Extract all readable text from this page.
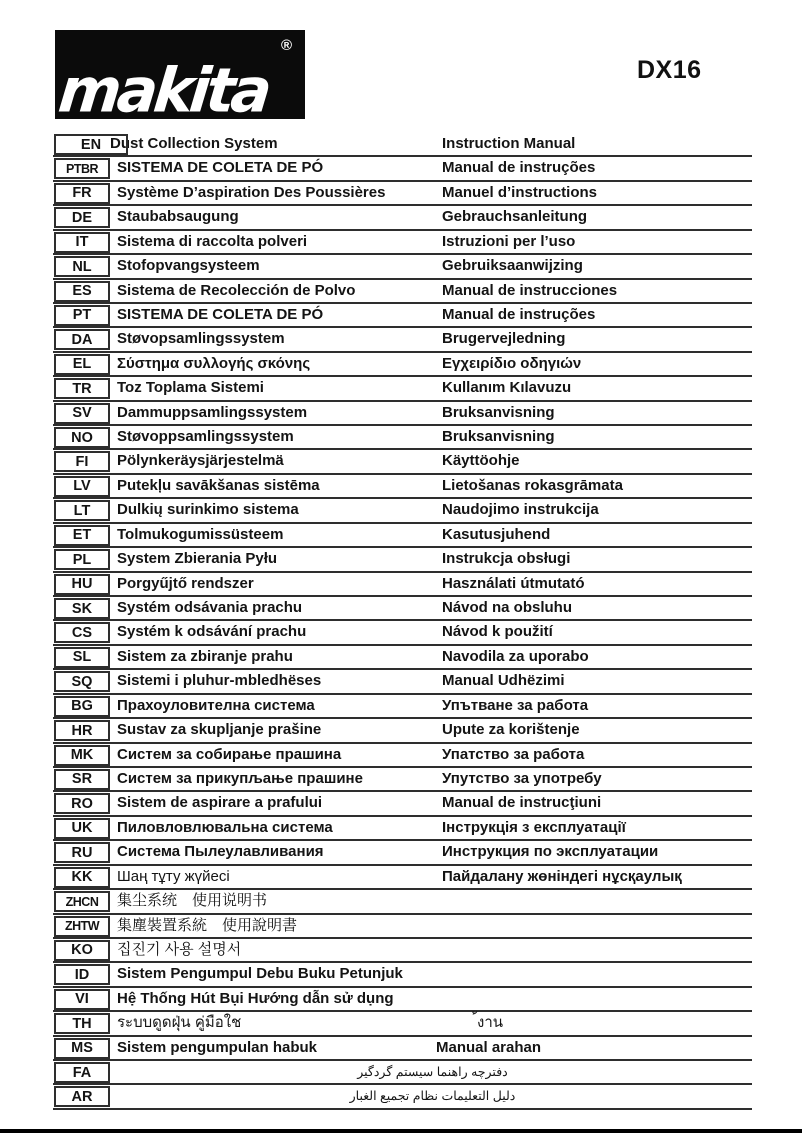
makita
®
DX16
EN Dust Collection System	Instruction Manual
PTBR	SISTEMA DE COLETA DE PÓ	Manual de instruções
FR	Système D’aspiration Des Poussières	Manuel d’instructions
DE	Staubabsaugung	Gebrauchsanleitung
IT	Sistema di raccolta polveri	Istruzioni per l’uso
NL	Stofopvangsysteem	Gebruiksaanwijzing
ES	Sistema de Recolección de Polvo	Manual de instrucciones
PT	SISTEMA DE COLETA DE PÓ	Manual de instruções
DA	Støvopsamlingssystem	Brugervejledning
EL	Σύστημα συλλογής σκόνης	Εγχειρίδιο οδηγιών
TR	Toz Toplama Sistemi	Kullanım Kılavuzu
SV	Dammuppsamlingssystem	Bruksanvisning
NO	Støvoppsamlingssystem	Bruksanvisning
FI	Pölynkeräysjärjestelmä	Käyttöohje
LV	Putekļu savākšanas sistēma	Lietošanas rokasgrāmata
LT	Dulkių surinkimo sistema	Naudojimo instrukcija
ET	Tolmukogumissüsteem	Kasutusjuhend
PL	System Zbierania Pyłu	Instrukcja obsługi
HU	Porgyűjtő rendszer	Használati útmutató
SK	Systém odsávania prachu	Návod na obsluhu
CS	Systém k odsávání prachu	Návod k použití
SL	Sistem za zbiranje prahu	Navodila za uporabo
SQ	Sistemi i pluhur-mbledhëses	Manual Udhëzimi
BG	Прахоуловителна система	Упътване за работа
HR	Sustav za skupljanje prašine	Upute za korištenje
MK	Систем за собирање прашина	Упатство за работа
SR	Систем за прикупљање прашине	Упутство за употребу
RO	Sistem de aspirare a prafului	Manual de instrucţiuni
UK	Пиловловлювальна система	Інструкція з експлуатації
RU	Система Пылеулавливания	Инструкция по эксплуатации
KK	Шаң тұту жүйесі	Пайдалану жөніндегі нұсқаулық
ZHCN	集尘系统　使用说明书
ZHTW	集塵裝置系統　使用說明書
KO	집진기 사용 설명서
ID	Sistem Pengumpul Debu Buku Petunjuk
VI	Hệ Thống Hút Bụi Hướng dẫn sử dụng
TH	ระบบดูดฝุ่น คู่มือใช	้งาน
MS	Sistem pengumpulan habuk	Manual arahan
FA	دفترچه راهنما سیستم گردگیر
AR	دليل التعليمات نظام تجميع الغبار
